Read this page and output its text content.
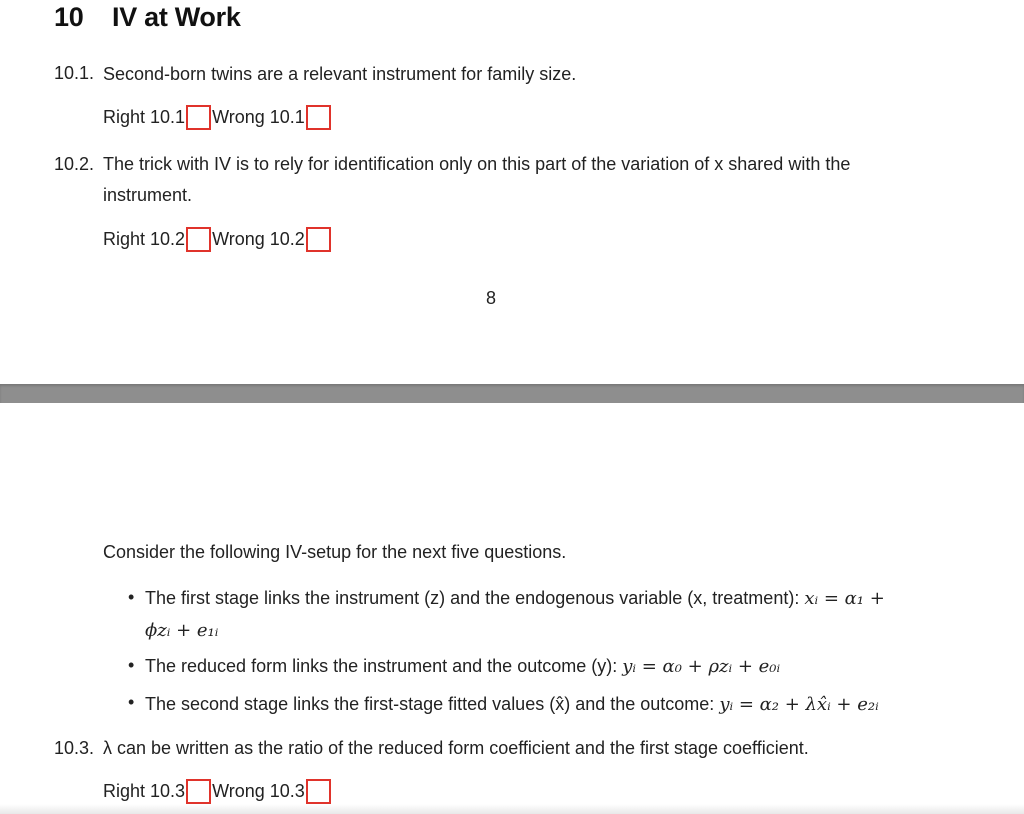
10 IV at Work
10.1. Second-born twins are a relevant instrument for family size.
Right 10.1 Wrong 10.1
10.2. The trick with IV is to rely for identification only on this part of the variation of x shared with the
instrument.
Right 10.2 Wrong 10.2
8
Consider the following IV-setup for the next five questions.
• The first stage links the instrument (z) and the endogenous variable (x, treatment): xᵢ = α₁ +
ϕzᵢ + e₁ᵢ
• The reduced form links the instrument and the outcome (y): yᵢ = α₀ + ρzᵢ + e₀ᵢ
• The second stage links the first-stage fitted values (x̂) and the outcome: yᵢ = α₂ + λx̂ᵢ + e₂ᵢ
10.3. λ can be written as the ratio of the reduced form coefficient and the first stage coefficient.
Right 10.3 Wrong 10.3
